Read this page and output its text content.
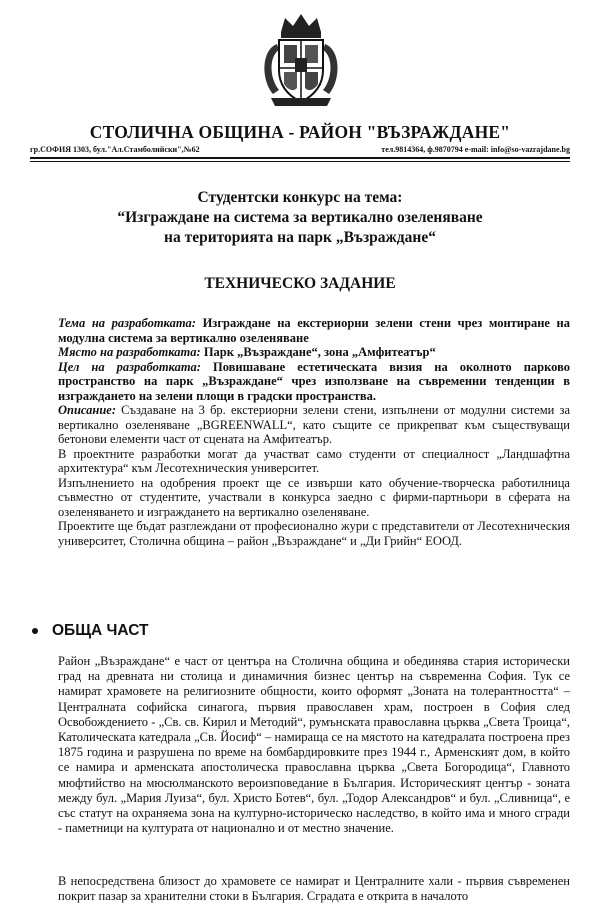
СТОЛИЧНА ОБЩИНА - РАЙОН "ВЪЗРАЖДАНЕ"
гр.СОФИЯ 1303, бул."Ал.Стамболийски",№62	тел.9814364, ф.9870794 e-mail: info@so-vazrajdane.bg
Студентски конкурс на тема:
“Изграждане на система за вертикално озеленяване
на територията на парк „Възраждане“
ТЕХНИЧЕСКО ЗАДАНИЕ

Тема на разработката: Изграждане на екстериорни зелени стени чрез монтиране на модулна система за вертикално озеленяване

Място на разработката: Парк „Възраждане“, зона „Амфитеатър“

Цел на разработката: Повишаване естетическата визия на околното парково пространство на парк „Възраждане“ чрез използване на съвременни тенденции в изграждането на зелени площи в градски пространства.

Описание: Създаване на 3 бр. екстериорни зелени стени, изпълнени от модулни системи за вертикално озеленяване „BGREENWALL“, като същите се прикрепват към съществуващи бетонови елементи част от сцената на Амфитеатър.

В проектните разработки могат да участват само студенти от специалност „Ландшафтна архитектура“ към Лесотехническия университет.

Изпълнението на одобрения проект ще се извърши като обучение-творческа работилница съвместно от студентите, участвали в конкурса заедно с фирми-партньори в сферата на озеленяването и изграждането на вертикално озеленяване.

Проектите ще бъдат разглеждани от професионално жури с представители от Лесотехническия университет, Столична община – район „Възраждане“ и „Ди Грийн“ ЕООД.

ОБЩА ЧАСТ
Район „Възраждане“ е част от центъра на Столична община и обединява стария исторически град на древната ни столица и динамичния бизнес център на съвременна София. Тук се намират храмовете на религиозните общности, които оформят „Зоната на толерантността“ – Централната софийска синагога, първия православен храм, построен в София след Освобождението - „Св. св. Кирил и Методий“, румънската православна църква „Света Троица“, Католическата катедрала „Св. Йосиф“ – намираща се на мястото на катедралата построена през 1875 година и разрушена по време на бомбардировките през 1944 г., Арменският дом, в който се намира и арменската апостолическа православна църква „Света Богородица“, Главното мюфтийство на мюсюлманското вероизповедание в България. Историческият център - зоната между бул. „Мария Луиза“, бул. Христо Ботев“, бул. „Тодор Александров“ и бул. „Сливница“, е със статут на охраняема зона на културно-историческо наследство, в който има и много сгради - паметници на културата от национално и от местно значение.
В непосредствена близост до храмовете се намират и Централните хали - първия съвременен покрит пазар за хранителни стоки в България. Сградата е открита в началото
